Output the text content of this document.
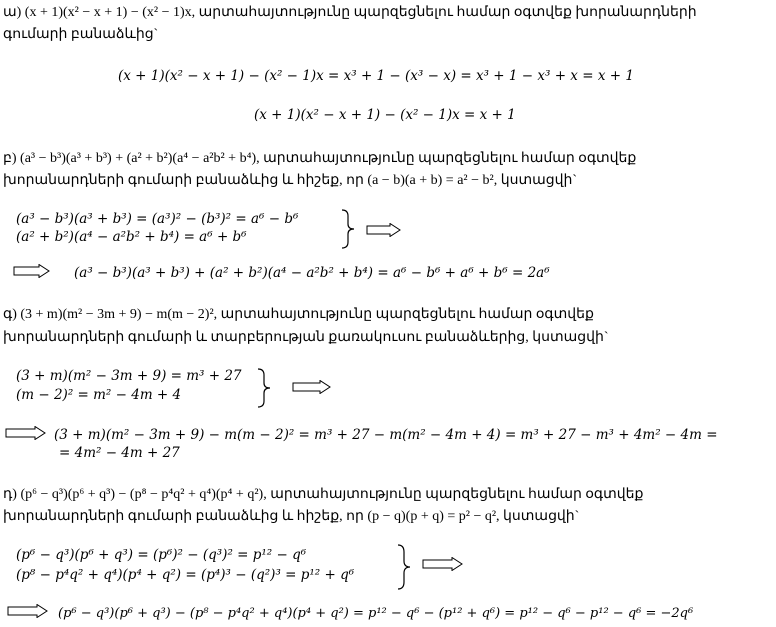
ա) (x + 1)(x² − x + 1) − (x² − 1)x, արտահայտությունը պարզեցնելու համար օգտվեք խորանարդների
գումարի բանաձևից`
(x + 1)(x² − x + 1) − (x² − 1)x = x³ + 1 − (x³ − x) = x³ + 1 − x³ + x = x + 1
(x + 1)(x² − x + 1) − (x² − 1)x = x + 1
բ) (a³ − b³)(a³ + b³) + (a² + b²)(a⁴ − a²b² + b⁴), արտահայտությունը պարզեցնելու համար օգտվեք
խորանարդների գումարի բանաձևից և հիշեք, որ (a − b)(a + b) = a² − b², կստացվի`
(a³ − b³)(a³ + b³) = (a³)² − (b³)² = a⁶ − b⁶
(a² + b²)(a⁴ − a²b² + b⁴) = a⁶ + b⁶
(a³ − b³)(a³ + b³) + (a² + b²)(a⁴ − a²b² + b⁴) = a⁶ − b⁶ + a⁶ + b⁶ = 2a⁶
գ) (3 + m)(m² − 3m + 9) − m(m − 2)², արտահայտությունը պարզեցնելու համար օգտվեք
խորանարդների գումարի և տարբերության քառակուսու բանաձևերից, կստացվի`
(3 + m)(m² − 3m + 9) = m³ + 27
(m − 2)² = m² − 4m + 4
(3 + m)(m² − 3m + 9) − m(m − 2)² = m³ + 27 − m(m² − 4m + 4) = m³ + 27 − m³ + 4m² − 4m =
= 4m² − 4m + 27
դ) (p⁶ − q³)(p⁶ + q³) − (p⁸ − p⁴q² + q⁴)(p⁴ + q²), արտահայտությունը պարզեցնելու համար օգտվեք
խորանարդների գումարի բանաձևից և հիշեք, որ (p − q)(p + q) = p² − q², կստացվի`
(p⁶ − q³)(p⁶ + q³) = (p⁶)² − (q³)² = p¹² − q⁶
(p⁸ − p⁴q² + q⁴)(p⁴ + q²) = (p⁴)³ − (q²)³ = p¹² + q⁶
(p⁶ − q³)(p⁶ + q³) − (p⁸ − p⁴q² + q⁴)(p⁴ + q²) = p¹² − q⁶ − (p¹² + q⁶) = p¹² − q⁶ − p¹² − q⁶ = −2q⁶
